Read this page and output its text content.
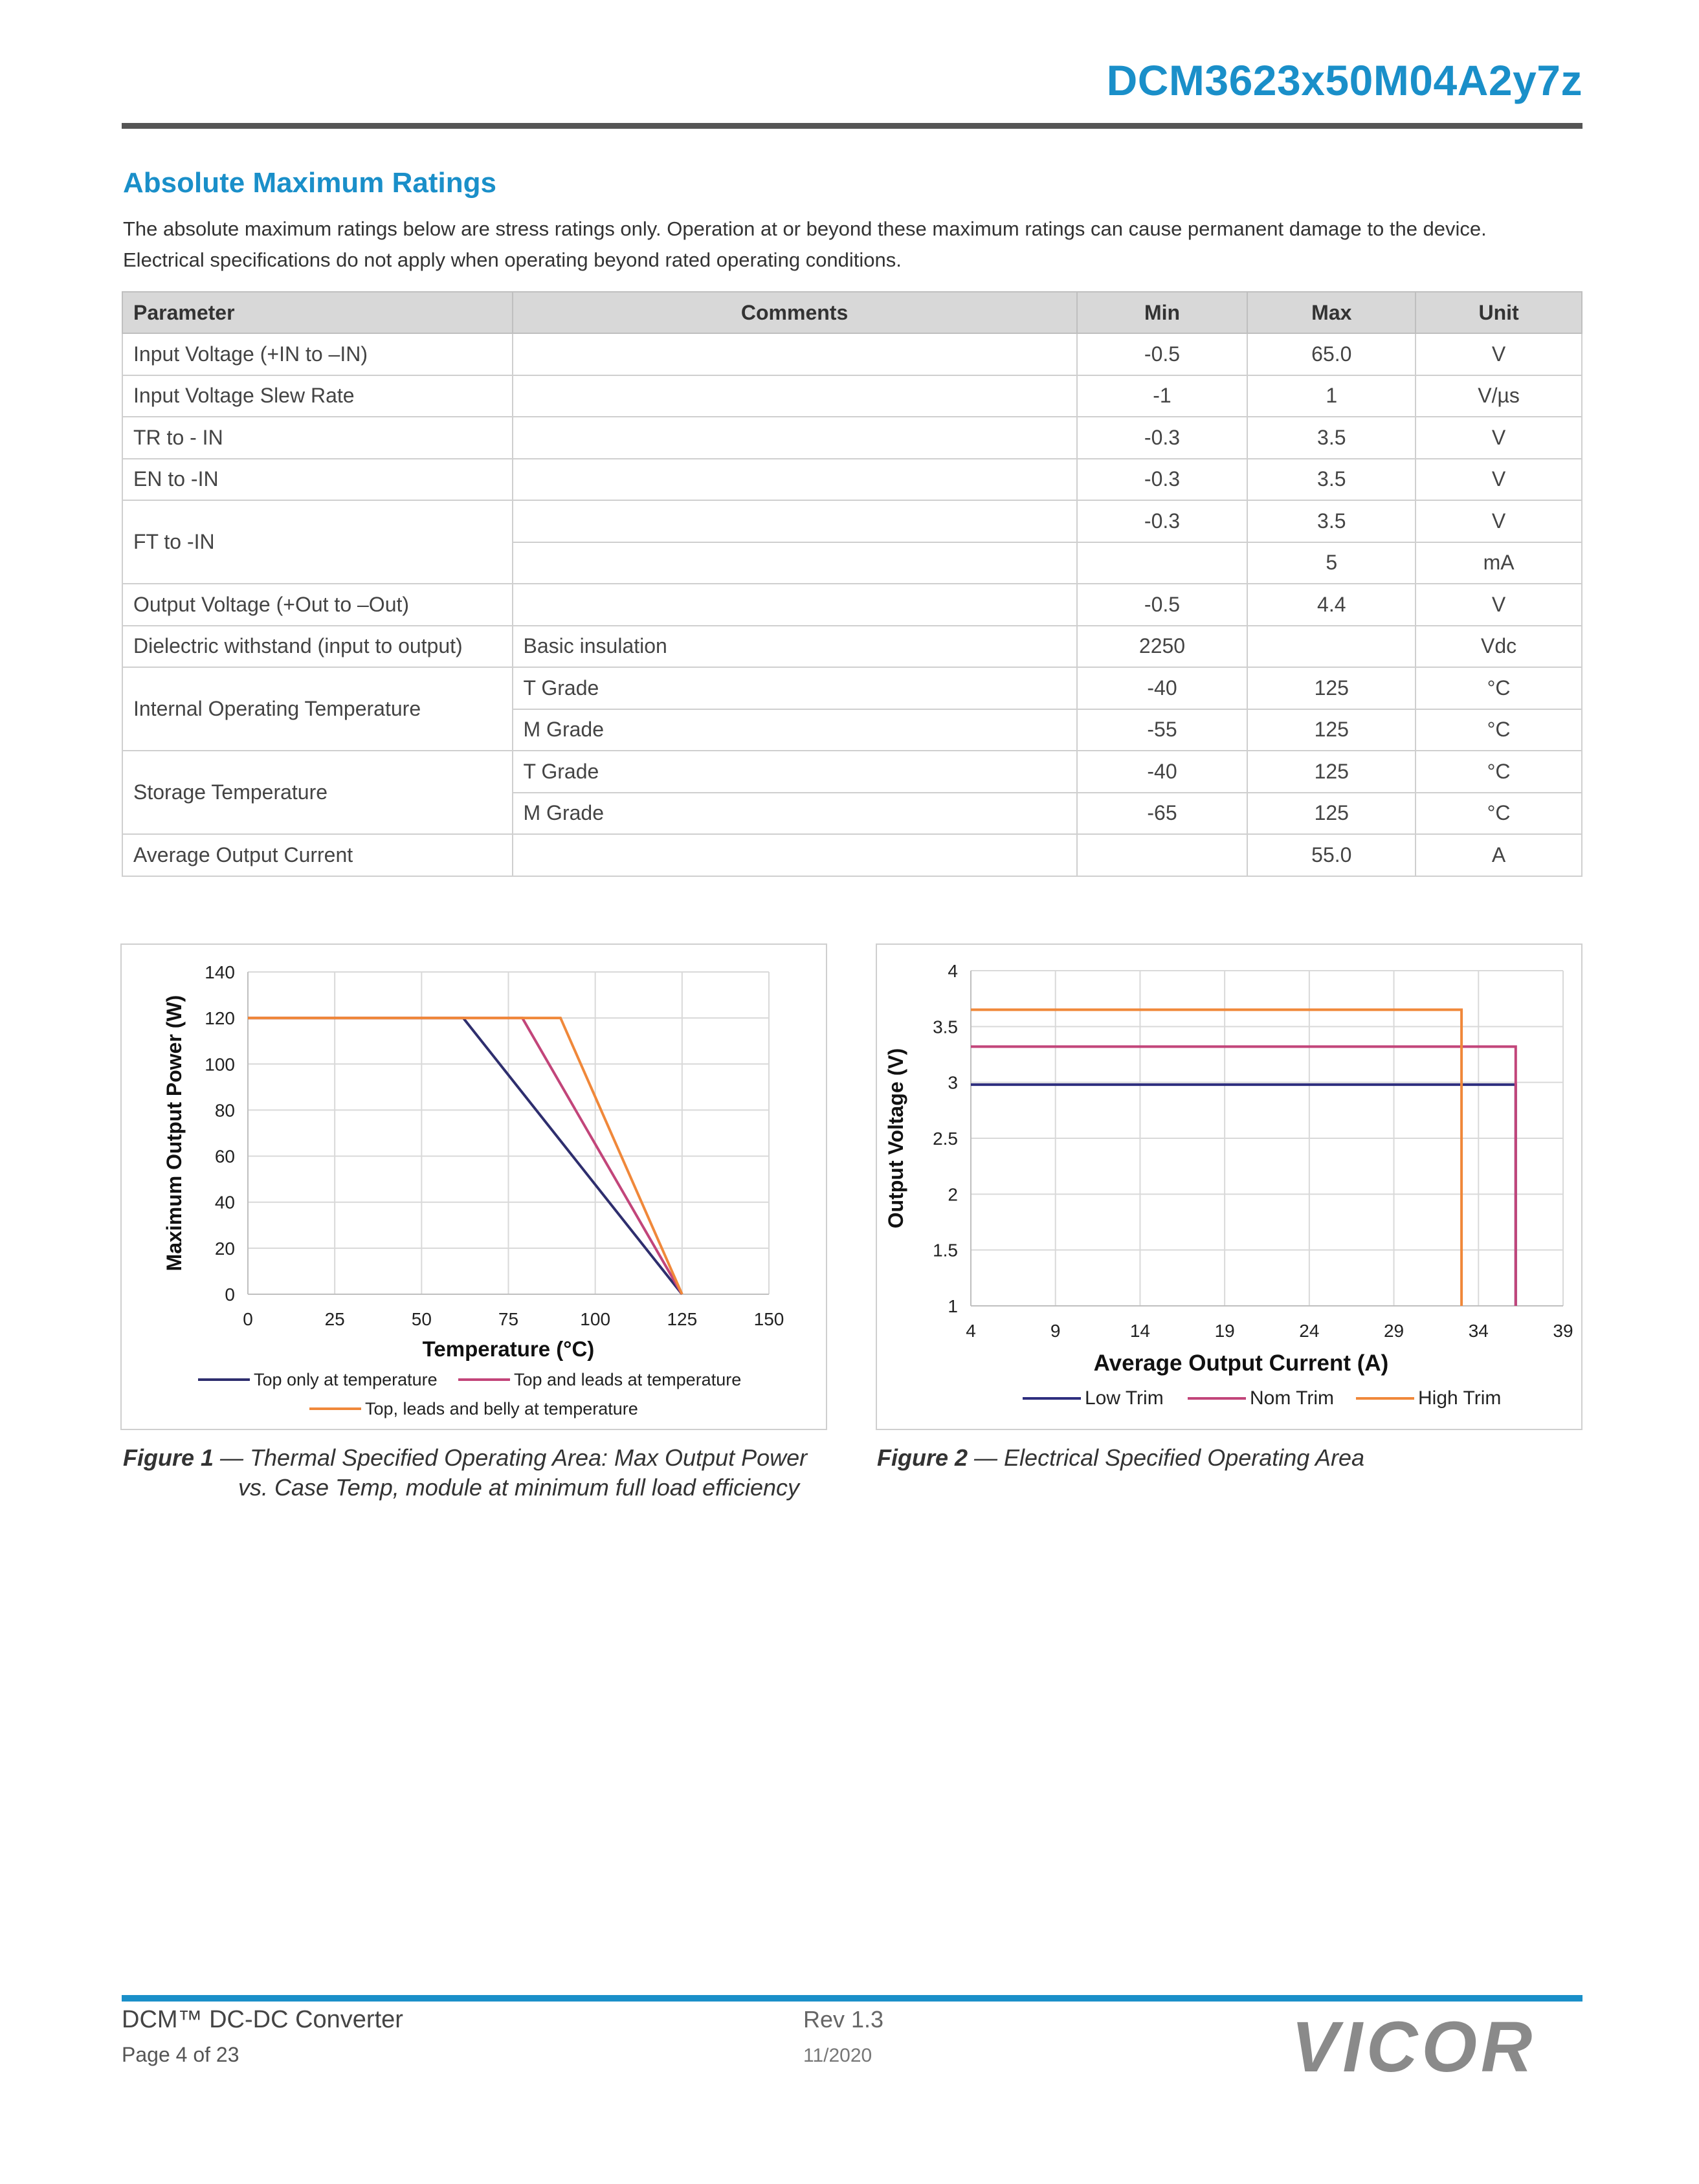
DCM3623x50M04A2y7z
Absolute Maximum Ratings
The absolute maximum ratings below are stress ratings only. Operation at or beyond these maximum ratings can cause permanent damage to the device.
Electrical specifications do not apply when operating beyond rated operating conditions.
Parameter	Comments	Min	Max	Unit
Input Voltage (+IN to –IN)		-0.5	65.0	V
Input Voltage Slew Rate		-1	1	V/µs
TR to - IN		-0.3	3.5	V
EN to -IN		-0.3	3.5	V
FT to -IN		-0.3	3.5	V
			5	mA
Output Voltage (+Out to –Out)		-0.5	4.4	V
Dielectric withstand (input to output)	Basic insulation	2250		Vdc
Internal Operating Temperature	T Grade	-40	125	°C
	M Grade	-55	125	°C
Storage Temperature	T Grade	-40	125	°C
	M Grade	-65	125	°C
Average Output Current			55.0	A
0
20
40
60
80
100
120
140
0	25	50	75	100	125	150
Temperature (°C)
Maximum Output Power (W)
Top only at temperature	Top and leads at temperature
Top, leads and belly at temperature
1
1.5
2
2.5
3
3.5
4
4	9	14	19	24	29	34	39
Average Output Current (A)
Output Voltage (V)
Low Trim	Nom Trim	High Trim
Figure 1 — Thermal Specified Operating Area: Max Output Power
vs. Case Temp, module at minimum full load efficiency
Figure 2 — Electrical Specified Operating Area
DCM™ DC-DC Converter
Page 4 of 23
Rev 1.3
11/2020	VICOR
